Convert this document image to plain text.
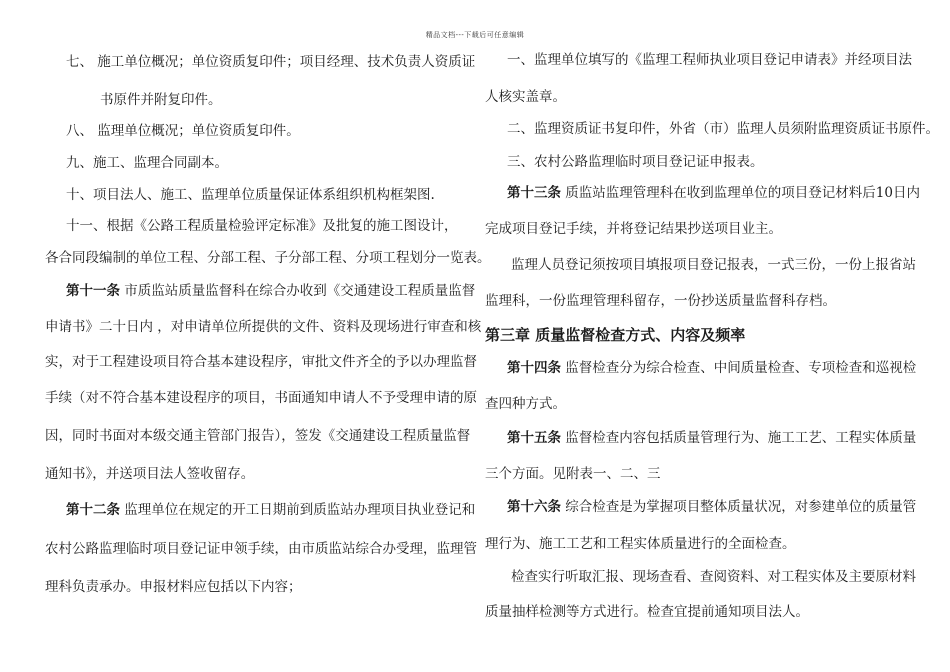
精品文档---下载后可任意编辑
七、 施工单位概况；单位资质复印件；项目经理、技术负责人资质证
书原件并附复印件。
八、 监理单位概况；单位资质复印件。
九、施工、监理合同副本。
十、项目法人、施工、监理单位质量保证体系组织机构框架图.
十一、根据《公路工程质量检验评定标准》及批复的施工图设计，
各合同段编制的单位工程、分部工程、子分部工程、分项工程划分一览表。
第十一条 市质监站质量监督科在综合办收到《交通建设工程质量监督
申请书》二十日内 ，对申请单位所提供的文件、资料及现场进行审查和核
实，对于工程建设项目符合基本建设程序，审批文件齐全的予以办理监督
手续（对不符合基本建设程序的项目，书面通知申请人不予受理申请的原
因，同时书面对本级交通主管部门报告），签发《交通建设工程质量监督
通知书》，并送项目法人签收留存。
第十二条 监理单位在规定的开工日期前到质监站办理项目执业登记和
农村公路监理临时项目登记证申领手续，由市质监站综合办受理，监理管
理科负责承办。申报材料应包括以下内容；
一、监理单位填写的《监理工程师执业项目登记申请表》并经项目法
人核实盖章。
二、监理资质证书复印件，外省（市）监理人员须附监理资质证书原件。
三、农村公路监理临时项目登记证申报表。
第十三条 质监站监理管理科在收到监理单位的项目登记材料后10日内
完成项目登记手续，并将登记结果抄送项目业主。
监理人员登记须按项目填报项目登记报表，一式三份，一份上报省站
监理科，一份监理管理科留存，一份抄送质量监督科存档。
第三章 质量监督检查方式、内容及频率
第十四条 监督检查分为综合检查、中间质量检查、专项检查和巡视检
查四种方式。
第十五条 监督检查内容包括质量管理行为、施工工艺、工程实体质量
三个方面。见附表一、二、三
第十六条 综合检查是为掌握项目整体质量状况，对参建单位的质量管
理行为、施工工艺和工程实体质量进行的全面检查。
检查实行听取汇报、现场查看、查阅资料、对工程实体及主要原材料
质量抽样检测等方式进行。检查宜提前通知项目法人。
